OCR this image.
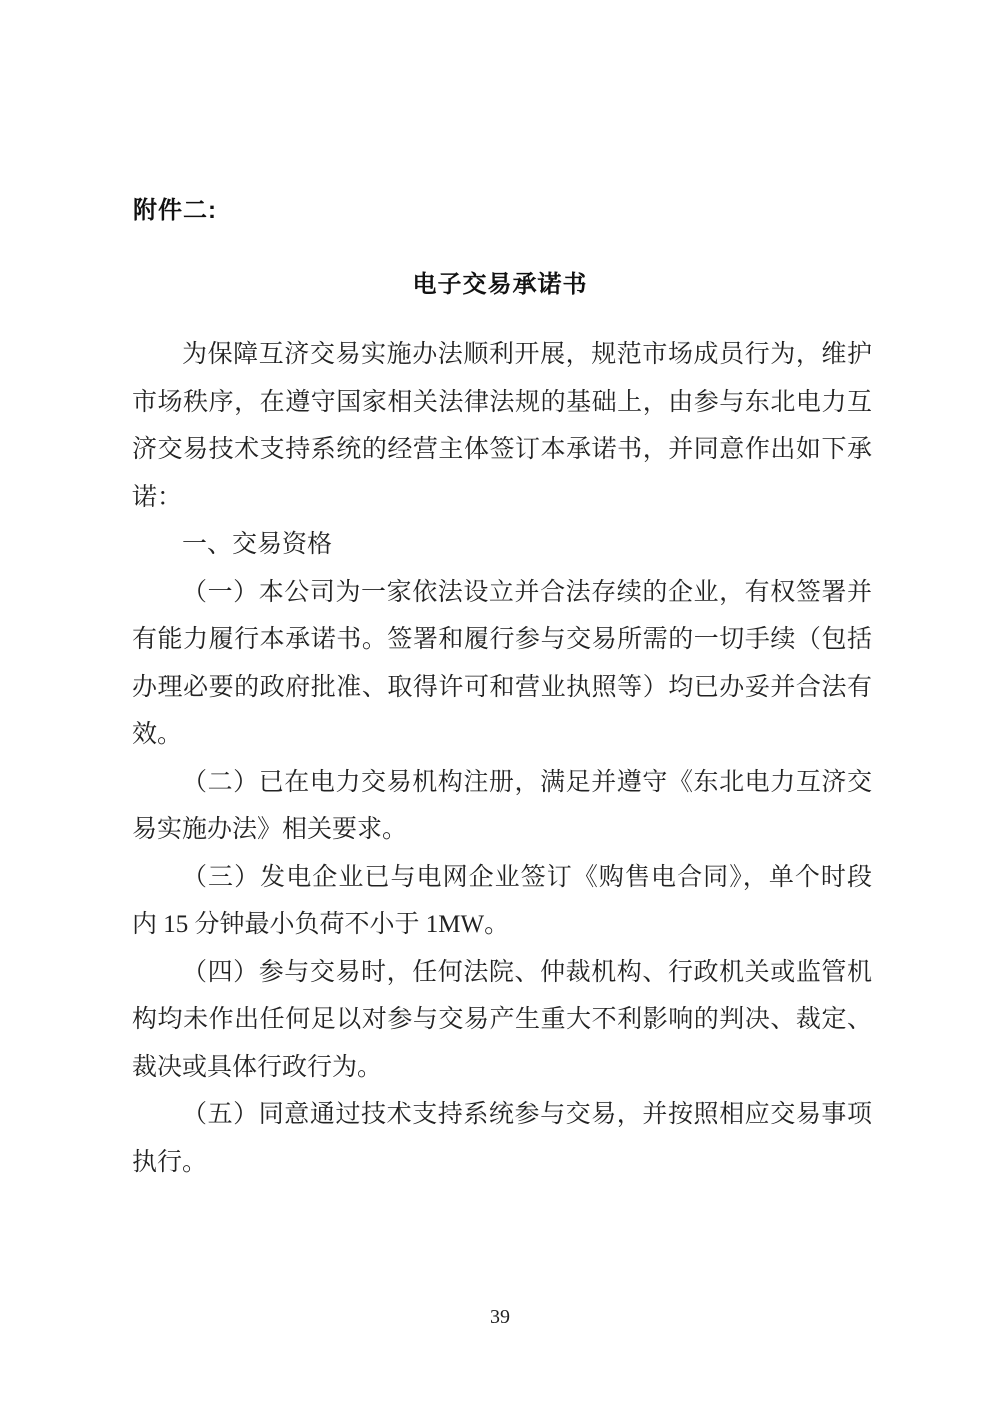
附件二:
电子交易承诺书
为保障互济交易实施办法顺利开展，规范市场成员行为，维护
市场秩序，在遵守国家相关法律法规的基础上，由参与东北电力互
济交易技术支持系统的经营主体签订本承诺书，并同意作出如下承
诺：
一、交易资格
（一）本公司为一家依法设立并合法存续的企业，有权签署并
有能力履行本承诺书。签署和履行参与交易所需的一切手续（包括
办理必要的政府批准、取得许可和营业执照等）均已办妥并合法有
效。
（二）已在电力交易机构注册，满足并遵守《东北电力互济交
易实施办法》相关要求。
（三）发电企业已与电网企业签订《购售电合同》，单个时段
内 15 分钟最小负荷不小于 1MW。
（四）参与交易时，任何法院、仲裁机构、行政机关或监管机
构均未作出任何足以对参与交易产生重大不利影响的判决、裁定、
裁决或具体行政行为。
（五）同意通过技术支持系统参与交易，并按照相应交易事项
执行。
39
